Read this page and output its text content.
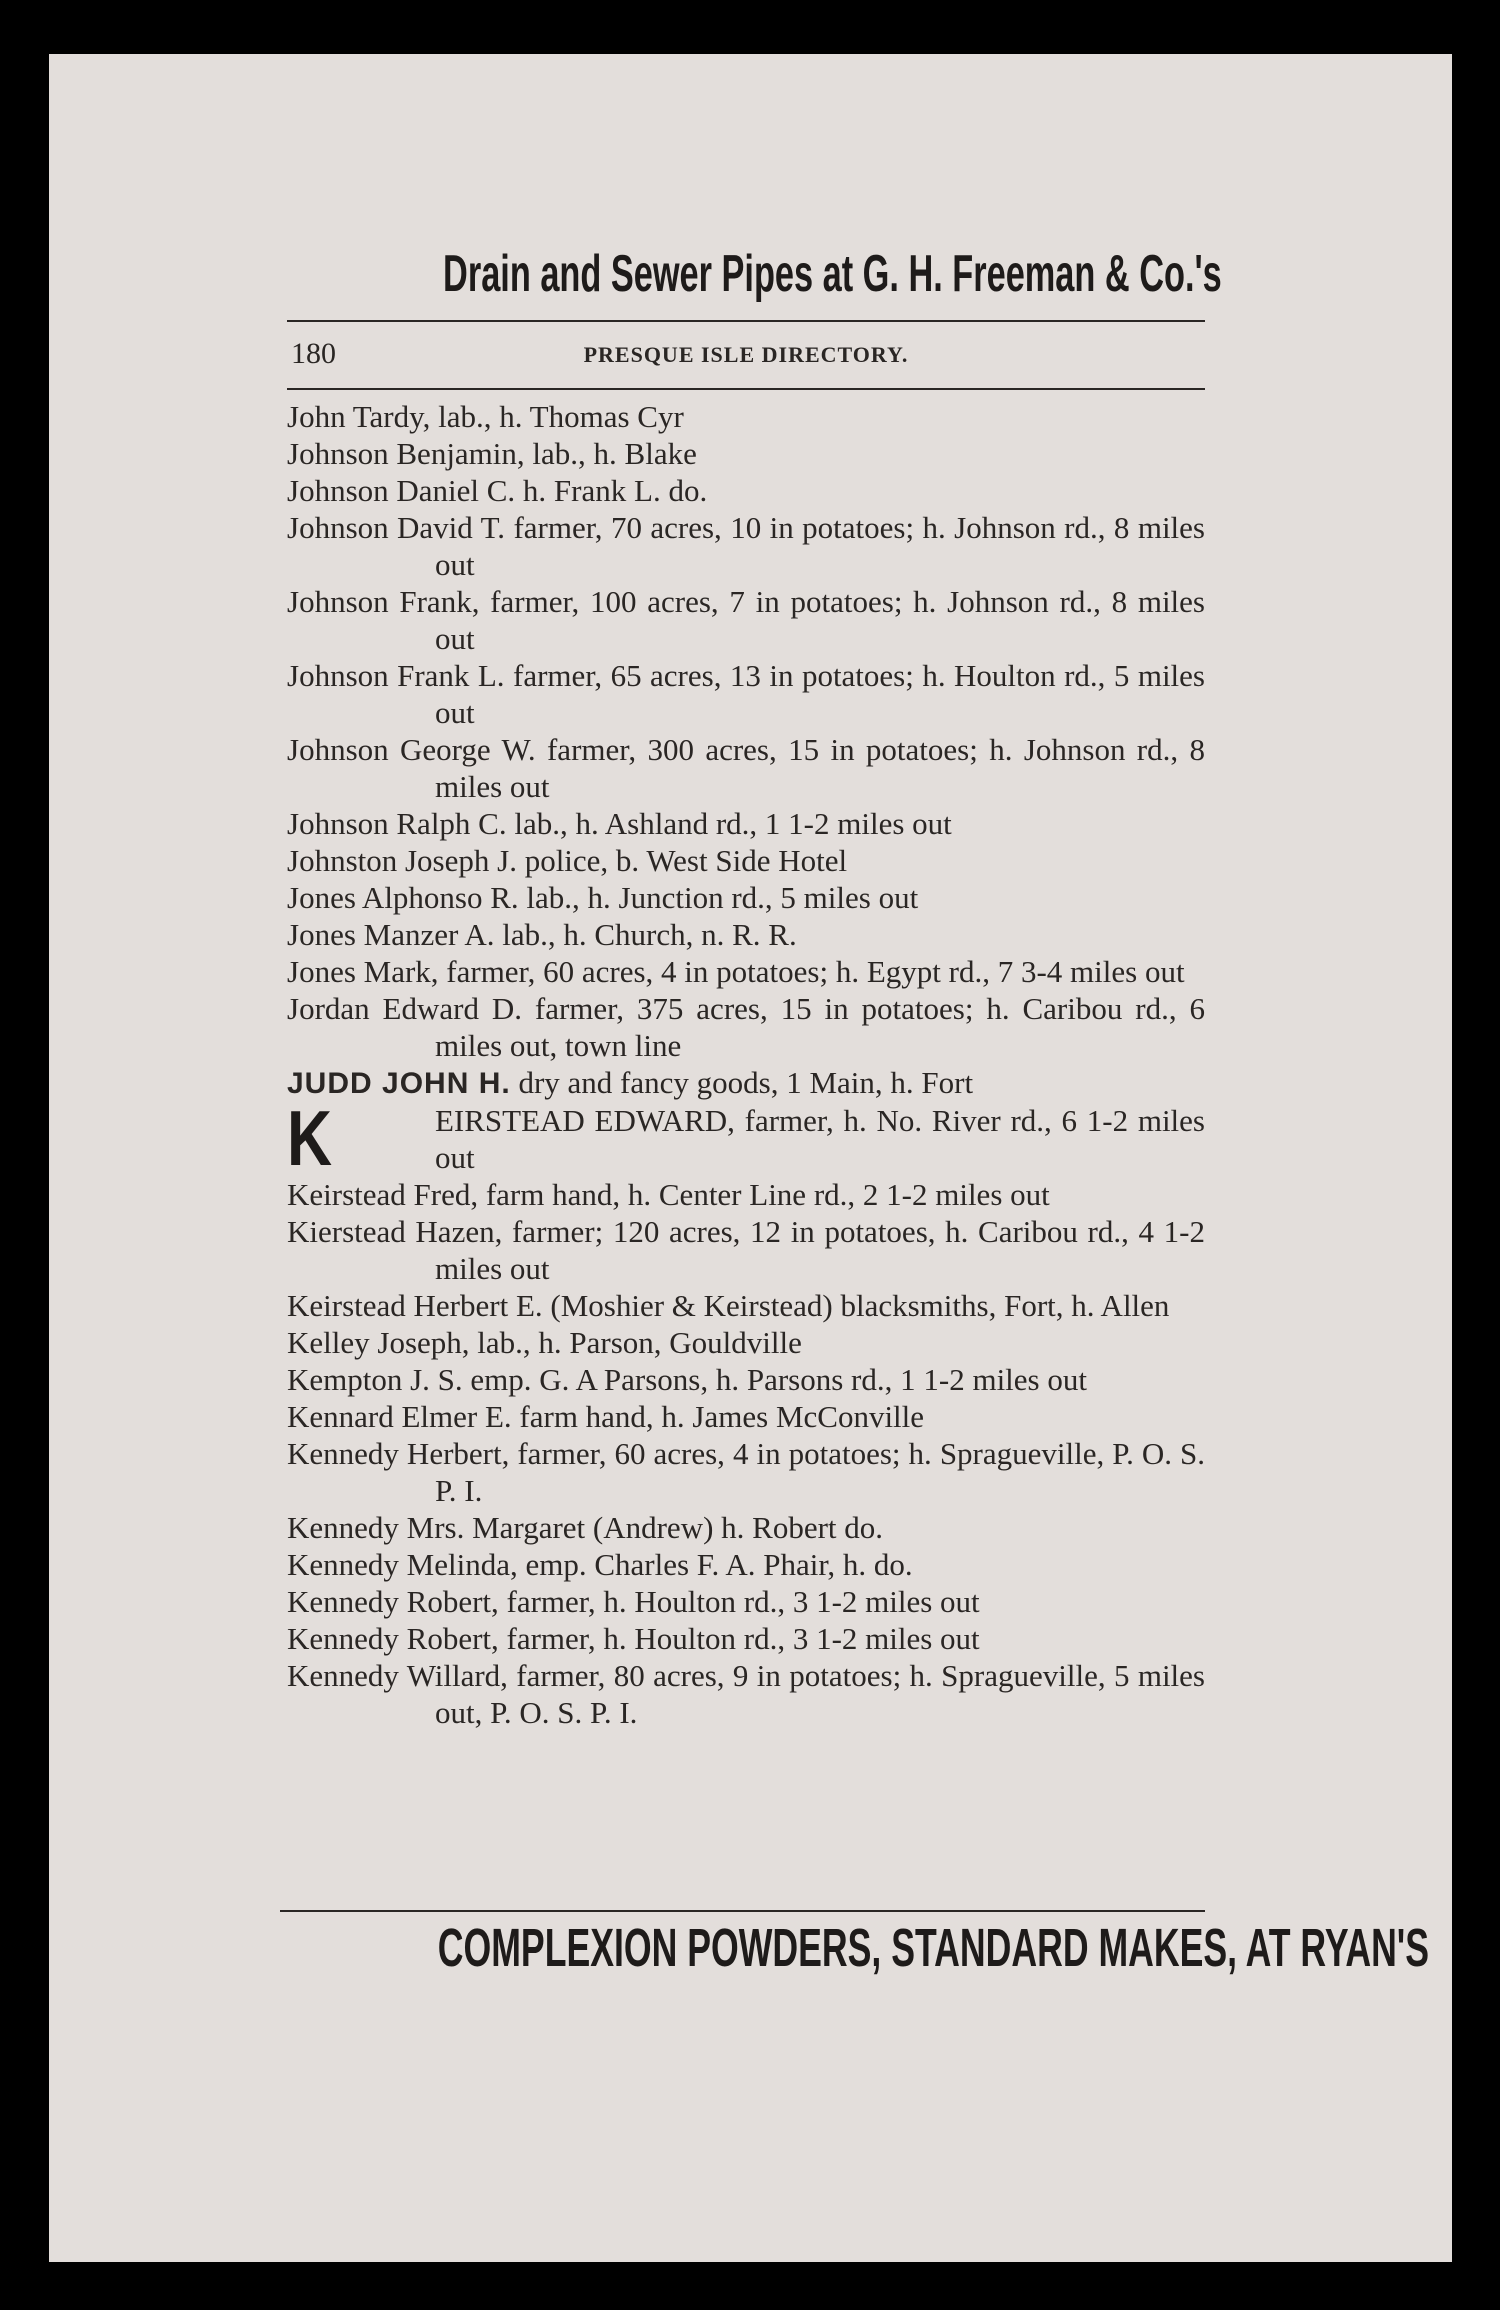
Drain and Sewer Pipes at G. H. Freeman & Co.'s
180	PRESQUE ISLE DIRECTORY.
John Tardy, lab., h. Thomas Cyr
Johnson Benjamin, lab., h. Blake
Johnson Daniel C. h. Frank L. do.
Johnson David T. farmer, 70 acres, 10 in potatoes; h. Johnson rd., 8 miles out
Johnson Frank, farmer, 100 acres, 7 in potatoes; h. Johnson rd., 8 miles out
Johnson Frank L. farmer, 65 acres, 13 in potatoes; h. Houlton rd., 5 miles out
Johnson George W. farmer, 300 acres, 15 in potatoes; h. Johnson rd., 8 miles out
Johnson Ralph C. lab., h. Ashland rd., 1 1-2 miles out
Johnston Joseph J. police, b. West Side Hotel
Jones Alphonso R. lab., h. Junction rd., 5 miles out
Jones Manzer A. lab., h. Church, n. R. R.
Jones Mark, farmer, 60 acres, 4 in potatoes; h. Egypt rd., 7 3-4 miles out
Jordan Edward D. farmer, 375 acres, 15 in potatoes; h. Caribou rd., 6 miles out, town line
JUDD JOHN H. dry and fancy goods, 1 Main, h. Fort
K	EIRSTEAD EDWARD, farmer, h. No. River rd., 6 1-2 miles out
Keirstead Fred, farm hand, h. Center Line rd., 2 1-2 miles out
Kierstead Hazen, farmer; 120 acres, 12 in potatoes, h. Caribou rd., 4 1-2 miles out
Keirstead Herbert E. (Moshier & Keirstead) blacksmiths, Fort, h. Allen
Kelley Joseph, lab., h. Parson, Gouldville
Kempton J. S. emp. G. A Parsons, h. Parsons rd., 1 1-2 miles out
Kennard Elmer E. farm hand, h. James McConville
Kennedy Herbert, farmer, 60 acres, 4 in potatoes; h. Spragueville, P. O. S. P. I.
Kennedy Mrs. Margaret (Andrew) h. Robert do.
Kennedy Melinda, emp. Charles F. A. Phair, h. do.
Kennedy Robert, farmer, h. Houlton rd., 3 1-2 miles out
Kennedy Robert, farmer, h. Houlton rd., 3 1-2 miles out
Kennedy Willard, farmer, 80 acres, 9 in potatoes; h. Spragueville, 5 miles out, P. O. S. P. I.
COMPLEXION POWDERS, STANDARD MAKES, AT RYAN'S
